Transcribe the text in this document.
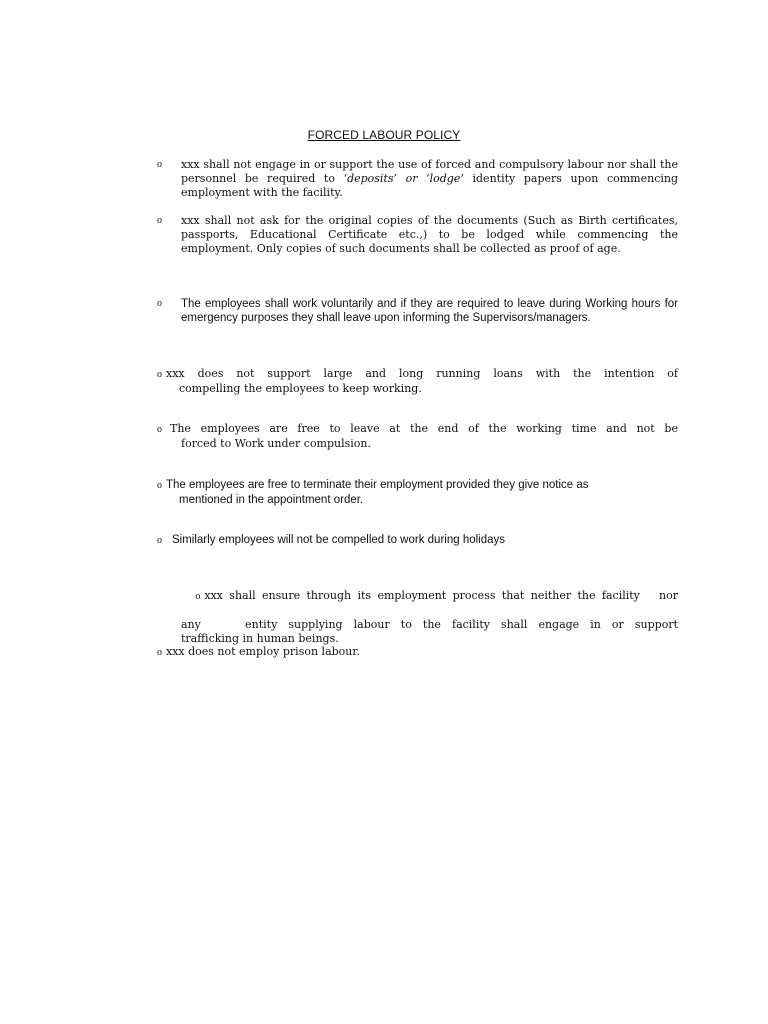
FORCED LABOUR POLICY
o xxx shall not engage in or support the use of forced and compulsory labour nor shall the personnel be required to ‘deposits’ or ‘lodge’ identity papers upon commencing employment with the facility.
o xxx shall not ask for the original copies of the documents (Such as Birth certificates, passports, Educational Certificate etc.,) to be lodged while commencing the employment. Only copies of such documents shall be collected as proof of age.
o The employees shall work voluntarily and if they are required to leave during Working hours for emergency purposes they shall leave upon informing the Supervisors/managers.
o xxx does not support large and long running loans with the intention of
compelling the employees to keep working.
o The employees are free to leave at the end of the working time and not be
forced to Work under compulsion.
o The employees are free to terminate their employment provided they give notice as
mentioned in the appointment order.
o Similarly employees will not be compelled to work during holidays

o xxx shall ensure through its employment process that neither the facility   nor

any    entity supplying labour to the facility shall engage in or support
trafficking in human beings.
o xxx does not employ prison labour.
